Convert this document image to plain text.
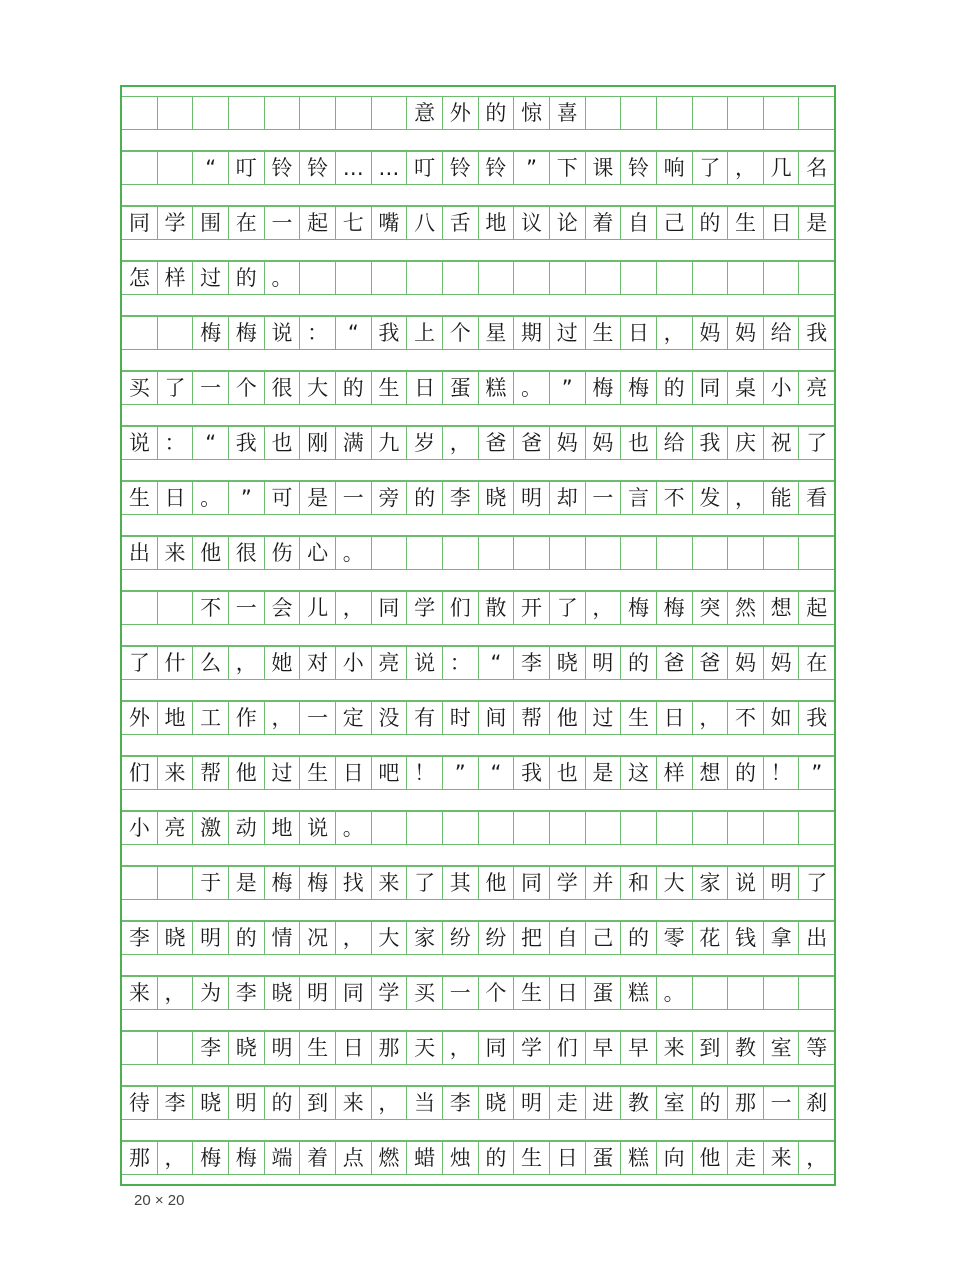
意 外 的 惊 喜
“ 叮 铃 铃 … … 叮 铃 铃 ” 下 课 铃 响 了 ， 几 名
同 学 围 在 一 起 七 嘴 八 舌 地 议 论 着 自 己 的 生 日 是
怎 样 过 的 。
梅 梅 说 ： “ 我 上 个 星 期 过 生 日 ， 妈 妈 给 我
买 了 一 个 很 大 的 生 日 蛋 糕 。 ” 梅 梅 的 同 桌 小 亮
说 ： “ 我 也 刚 满 九 岁 ， 爸 爸 妈 妈 也 给 我 庆 祝 了
生 日 。 ” 可 是 一 旁 的 李 晓 明 却 一 言 不 发 ， 能 看
出 来 他 很 伤 心 。
不 一 会 儿 ， 同 学 们 散 开 了 ， 梅 梅 突 然 想 起
了 什 么 ， 她 对 小 亮 说 ： “ 李 晓 明 的 爸 爸 妈 妈 在
外 地 工 作 ， 一 定 没 有 时 间 帮 他 过 生 日 ， 不 如 我
们 来 帮 他 过 生 日 吧 ！ ”	“ 我 也 是 这 样 想 的 ！ ”
小 亮 激 动 地 说 。
于 是 梅 梅 找 来 了 其 他 同 学 并 和 大 家 说 明 了
李 晓 明 的 情 况 ， 大 家 纷 纷 把 自 己 的 零 花 钱 拿 出
来 ， 为 李 晓 明 同 学 买 一 个 生 日 蛋 糕 。
李 晓 明 生 日 那 天 ， 同 学 们 早 早 来 到 教 室 等
待 李 晓 明 的 到 来 ， 当 李 晓 明 走 进 教 室 的 那 一 刹
那 ， 梅 梅 端 着 点 燃 蜡 烛 的 生 日 蛋 糕 向 他 走 来 ，
20 × 20
